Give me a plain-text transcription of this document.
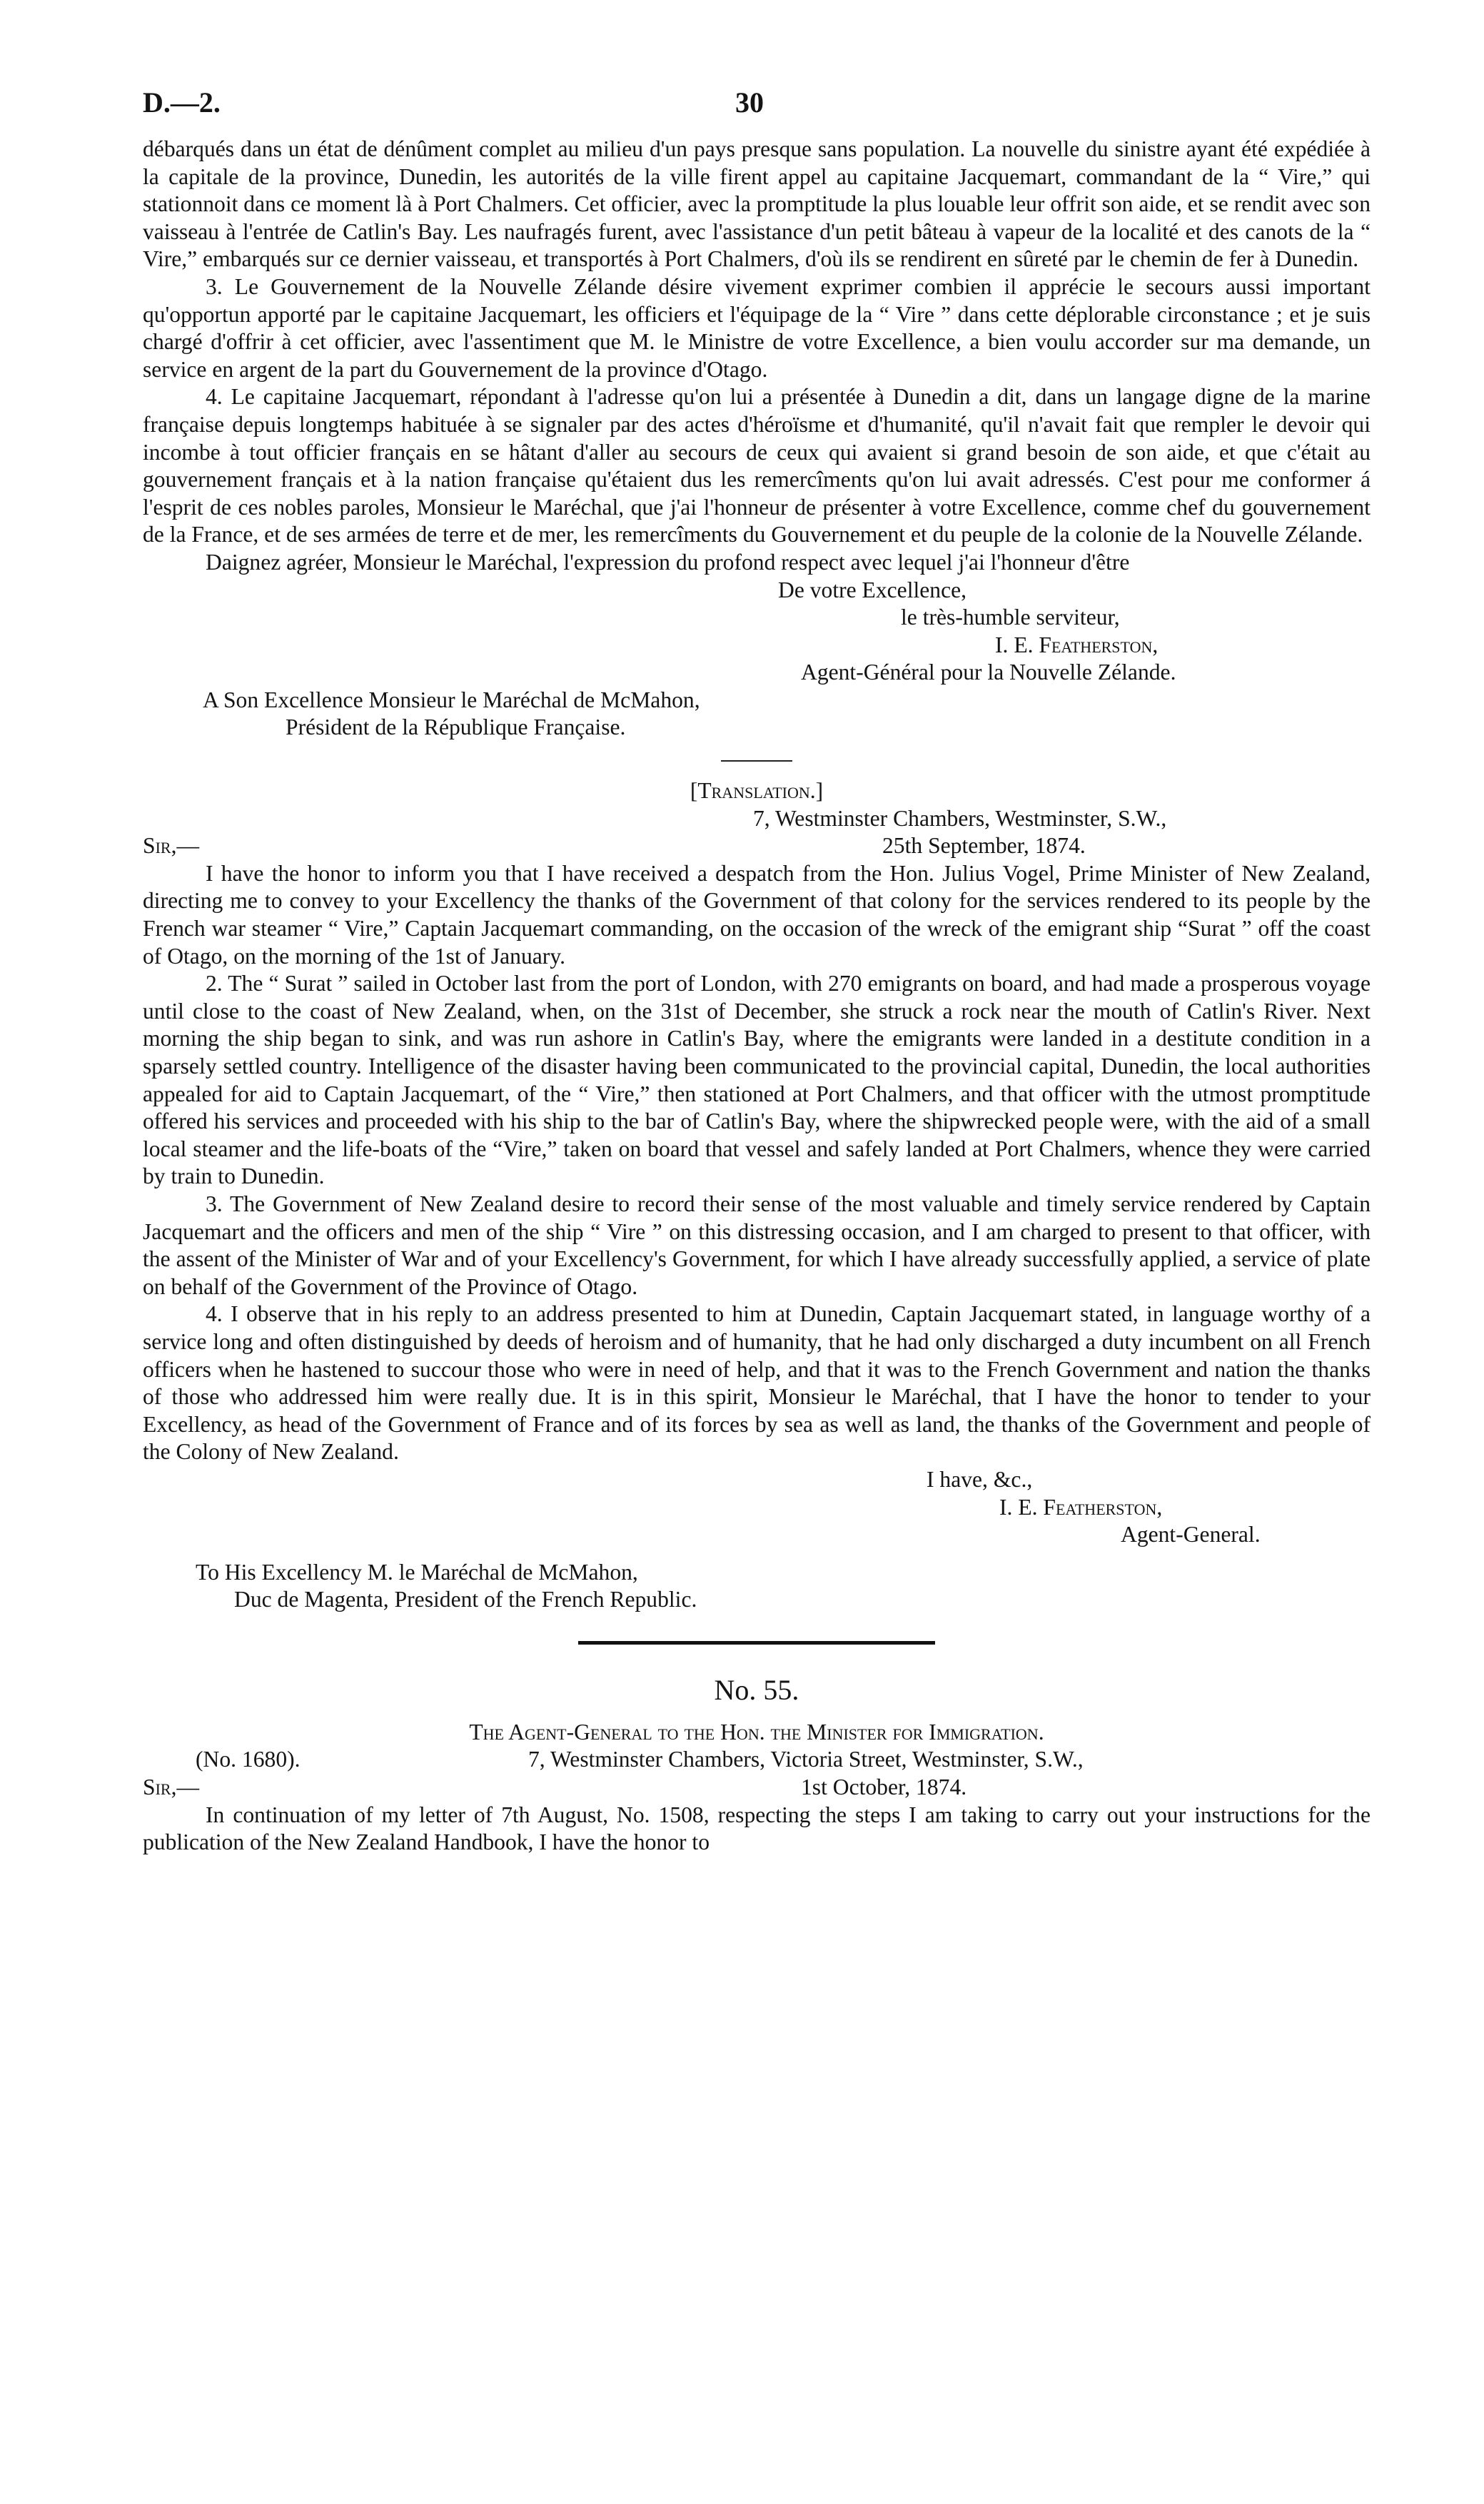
D.—2.	30

débarqués dans un état de dénûment complet au milieu d'un pays presque sans population. La nouvelle du sinistre ayant été expédiée à la capitale de la province, Dunedin, les autorités de la ville firent appel au capitaine Jacquemart, commandant de la “ Vire,” qui stationnoit dans ce moment là à Port Chalmers. Cet officier, avec la promptitude la plus louable leur offrit son aide, et se rendit avec son vaisseau à l'entrée de Catlin's Bay. Les naufragés furent, avec l'assistance d'un petit bâteau à vapeur de la localité et des canots de la “ Vire,” embarqués sur ce dernier vaisseau, et transportés à Port Chalmers, d'où ils se rendirent en sûreté par le chemin de fer à Dunedin.

3. Le Gouvernement de la Nouvelle Zélande désire vivement exprimer combien il apprécie le secours aussi important qu'opportun apporté par le capitaine Jacquemart, les officiers et l'équipage de la “ Vire ” dans cette déplorable circonstance ; et je suis chargé d'offrir à cet officier, avec l'assentiment que M. le Ministre de votre Excellence, a bien voulu accorder sur ma demande, un service en argent de la part du Gouvernement de la province d'Otago.

4. Le capitaine Jacquemart, répondant à l'adresse qu'on lui a présentée à Dunedin a dit, dans un langage digne de la marine française depuis longtemps habituée à se signaler par des actes d'héroïsme et d'humanité, qu'il n'avait fait que rempler le devoir qui incombe à tout officier français en se hâtant d'aller au secours de ceux qui avaient si grand besoin de son aide, et que c'était au gouvernement français et à la nation française qu'étaient dus les remercîments qu'on lui avait adressés. C'est pour me conformer á l'esprit de ces nobles paroles, Monsieur le Maréchal, que j'ai l'honneur de présenter à votre Excellence, comme chef du gouvernement de la France, et de ses armées de terre et de mer, les remercîments du Gouvernement et du peuple de la colonie de la Nouvelle Zélande.

Daignez agréer, Monsieur le Maréchal, l'expression du profond respect avec lequel j'ai l'honneur d'être

De votre Excellence,

le très-humble serviteur,

I. E. Featherston,

Agent-Général pour la Nouvelle Zélande.

A Son Excellence Monsieur le Maréchal de McMahon,

Président de la République Française.

[Translation.]

7, Westminster Chambers, Westminster, S.W.,

Sir,—	25th September, 1874.

I have the honor to inform you that I have received a despatch from the Hon. Julius Vogel, Prime Minister of New Zealand, directing me to convey to your Excellency the thanks of the Government of that colony for the services rendered to its people by the French war steamer “ Vire,” Captain Jacquemart commanding, on the occasion of the wreck of the emigrant ship “Surat ” off the coast of Otago, on the morning of the 1st of January.

2. The “ Surat ” sailed in October last from the port of London, with 270 emigrants on board, and had made a prosperous voyage until close to the coast of New Zealand, when, on the 31st of December, she struck a rock near the mouth of Catlin's River. Next morning the ship began to sink, and was run ashore in Catlin's Bay, where the emigrants were landed in a destitute condition in a sparsely settled country. Intelligence of the disaster having been communicated to the provincial capital, Dunedin, the local authorities appealed for aid to Captain Jacquemart, of the “ Vire,” then stationed at Port Chalmers, and that officer with the utmost promptitude offered his services and proceeded with his ship to the bar of Catlin's Bay, where the shipwrecked people were, with the aid of a small local steamer and the life-boats of the “Vire,” taken on board that vessel and safely landed at Port Chalmers, whence they were carried by train to Dunedin.

3. The Government of New Zealand desire to record their sense of the most valuable and timely service rendered by Captain Jacquemart and the officers and men of the ship “ Vire ” on this distressing occasion, and I am charged to present to that officer, with the assent of the Minister of War and of your Excellency's Government, for which I have already successfully applied, a service of plate on behalf of the Government of the Province of Otago.

4. I observe that in his reply to an address presented to him at Dunedin, Captain Jacquemart stated, in language worthy of a service long and often distinguished by deeds of heroism and of humanity, that he had only discharged a duty incumbent on all French officers when he hastened to succour those who were in need of help, and that it was to the French Government and nation the thanks of those who addressed him were really due. It is in this spirit, Monsieur le Maréchal, that I have the honor to tender to your Excellency, as head of the Government of France and of its forces by sea as well as land, the thanks of the Government and people of the Colony of New Zealand.

I have, &c.,

I. E. Featherston,

Agent-General.

To His Excellency M. le Maréchal de McMahon,

Duc de Magenta, President of the French Republic.

No. 55.

The Agent-General to the Hon. the Minister for Immigration.

(No. 1680).	7, Westminster Chambers, Victoria Street, Westminster, S.W.,
Sir,—	1st October, 1874.

In continuation of my letter of 7th August, No. 1508, respecting the steps I am taking to carry out your instructions for the publication of the New Zealand Handbook, I have the honor to
